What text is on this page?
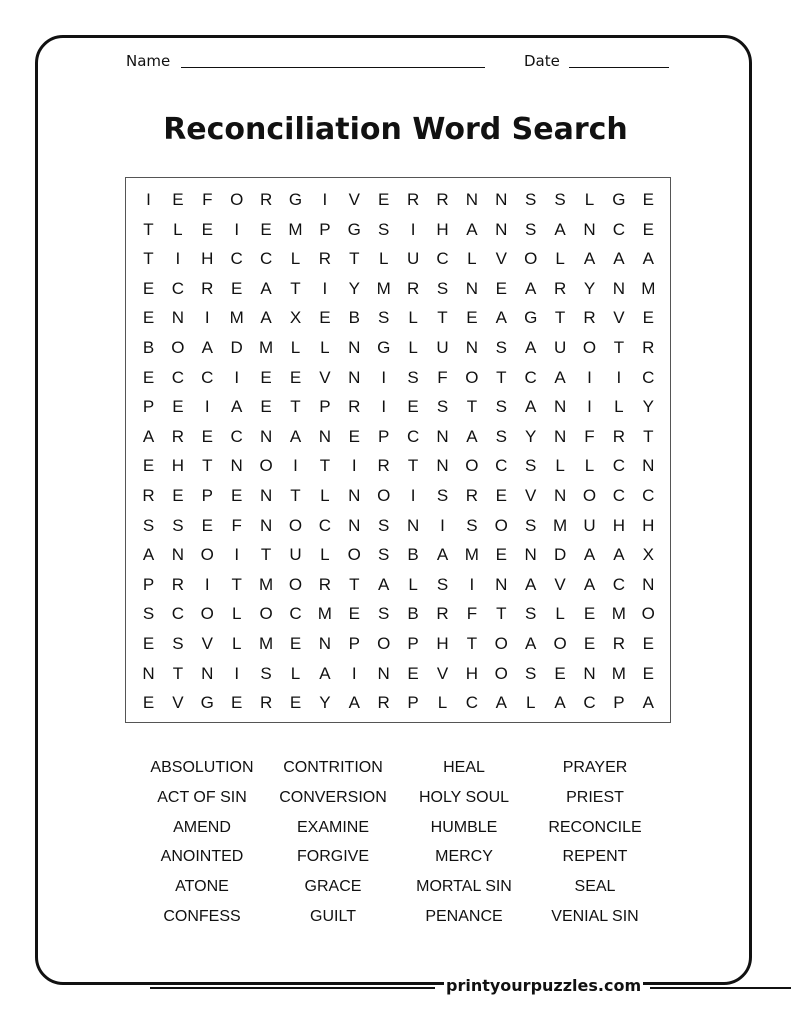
Name	Date
Reconciliation Word Search
I	E	F	O R G	I	V	E	R	R	N	N	S	S	L	G	E
T	L	E	I	E M P	G	S	I	H	A	N	S	A	N	C	E
T	I	H	C	C	L	R	T	L	U	C	L	V	O	L	A	A	A
E	C	R	E	A	T	I	Y M R	S	N	E	A	R	Y	N M
E	N	I	M A	X	E	B	S	L	T	E	A	G	T	R	V	E
B	O	A	D M	L	L	N G	L	U	N	S	A	U O	T	R
E	C	C	I	E	E	V	N	I	S	F	O	T	C	A	I	I	C
P	E	I	A	E	T	P	R	I	E	S	T	S	A	N	I	L	Y
A	R	E	C	N	A	N	E	P	C	N	A	S	Y	N	F	R	T
E	H	T	N O	I	T	I	R	T	N O C	S	L	L	C	N
R	E	P	E	N	T	L	N O	I	S	R	E	V	N O C	C
S	S	E	F	N O C	N	S	N	I	S	O	S M U	H	H
A	N O	I	T	U	L	O	S	B	A M E	N	D	A	A	X
P	R	I	T	M O R	T	A	L	S	I	N	A	V	A	C	N
S	C O	L	O C M E	S	B	R	F	T	S	L	E M O
E	S	V	L	M E	N	P	O	P	H	T	O	A	O	E	R	E
N	T	N	I	S	L	A	I	N	E	V	H O	S	E	N M E
E	V	G	E	R	E	Y	A	R	P	L	C	A	L	A	C	P	A
ABSOLUTION	CONTRITION	HEAL	PRAYER
ACT OF SIN	CONVERSION	HOLY SOUL	PRIEST
AMEND	EXAMINE	HUMBLE	RECONCILE
ANOINTED	FORGIVE	MERCY	REPENT
ATONE	GRACE	MORTAL SIN	SEAL
CONFESS	GUILT	PENANCE	VENIAL SIN
printyourpuzzles.com
